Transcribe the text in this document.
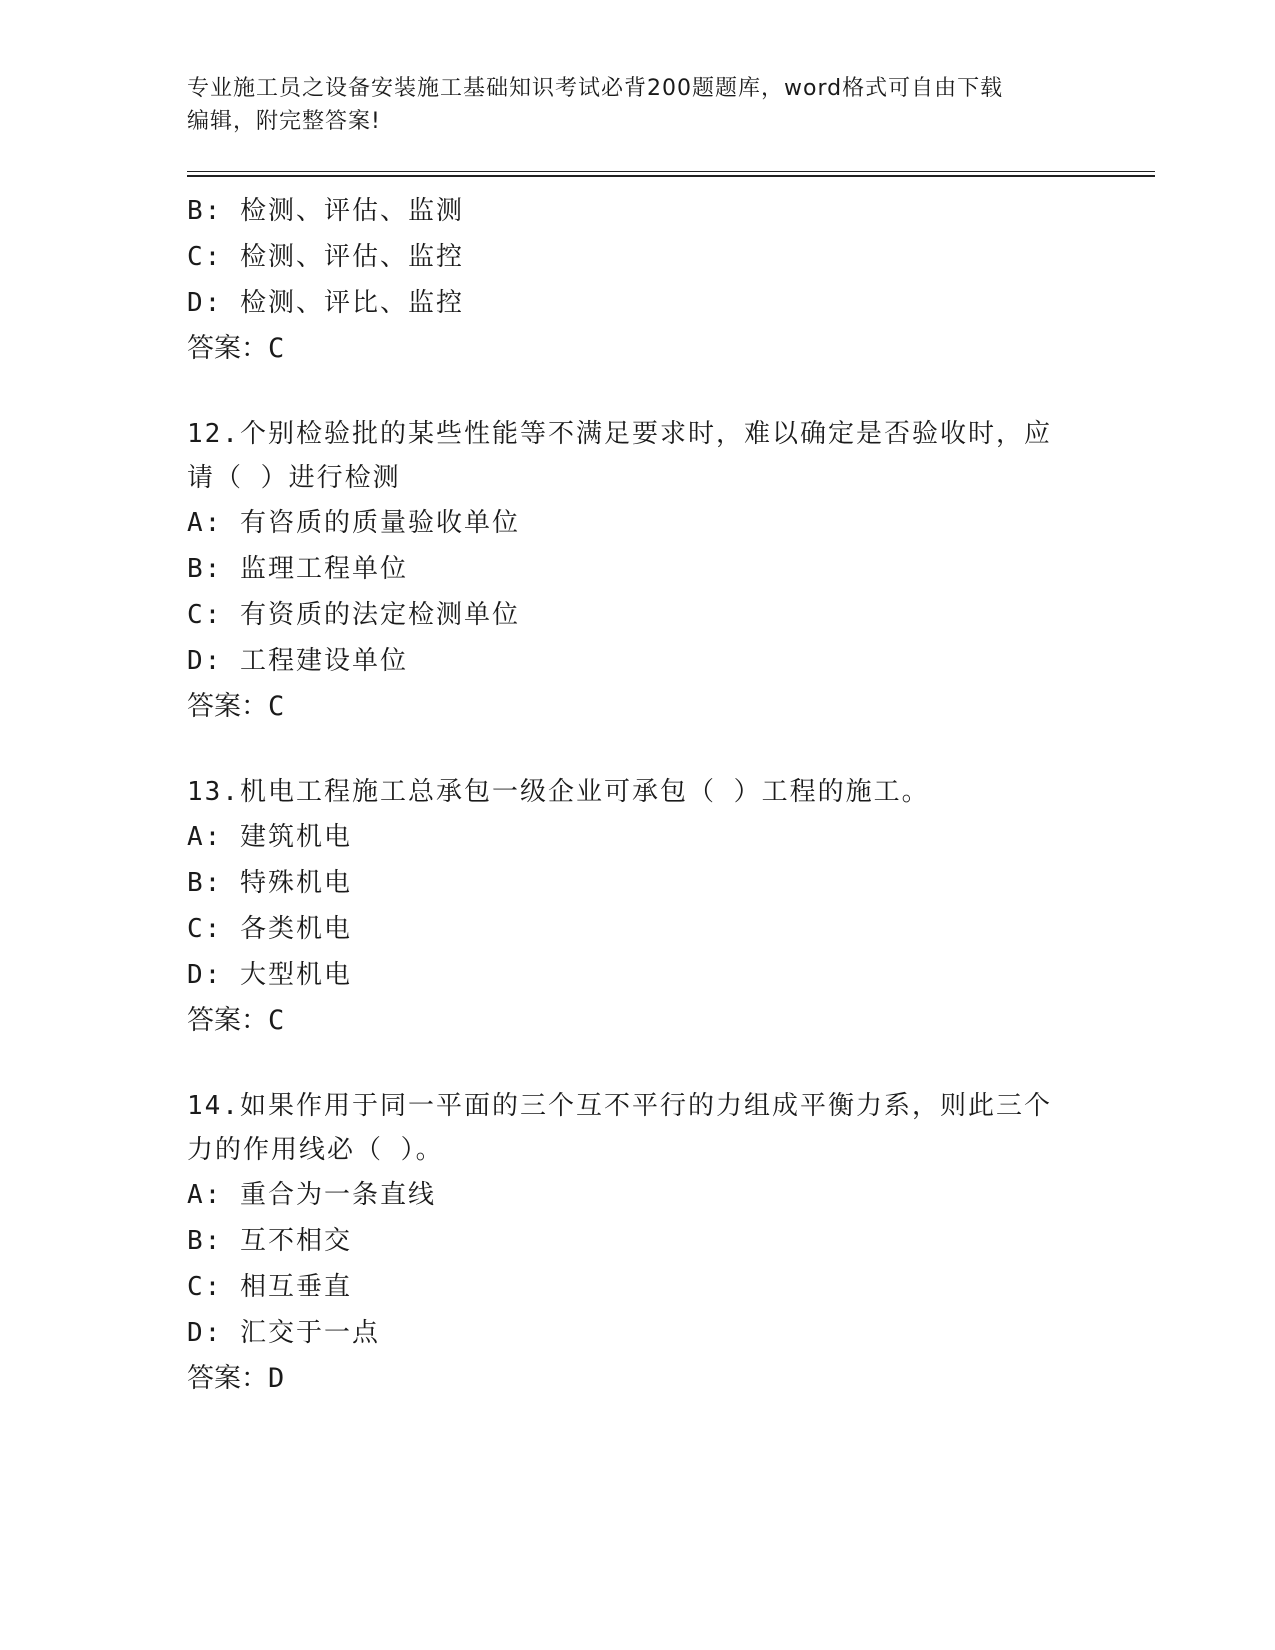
专业施工员之设备安装施工基础知识考试必背200题题库，word格式可自由下载
编辑，附完整答案!
B: 检测、评估、监测
C: 检测、评估、监控
D: 检测、评比、监控
答案：C
12.个别检验批的某些性能等不满足要求时，难以确定是否验收时，应请（ ）进行检测
A: 有咨质的质量验收单位
B: 监理工程单位
C: 有资质的法定检测单位
D: 工程建设单位
答案：C
13.机电工程施工总承包一级企业可承包（ ）工程的施工。
A: 建筑机电
B: 特殊机电
C: 各类机电
D: 大型机电
答案：C
14.如果作用于同一平面的三个互不平行的力组成平衡力系，则此三个力的作用线必（ ）。
A: 重合为一条直线
B: 互不相交
C: 相互垂直
D: 汇交于一点
答案：D
